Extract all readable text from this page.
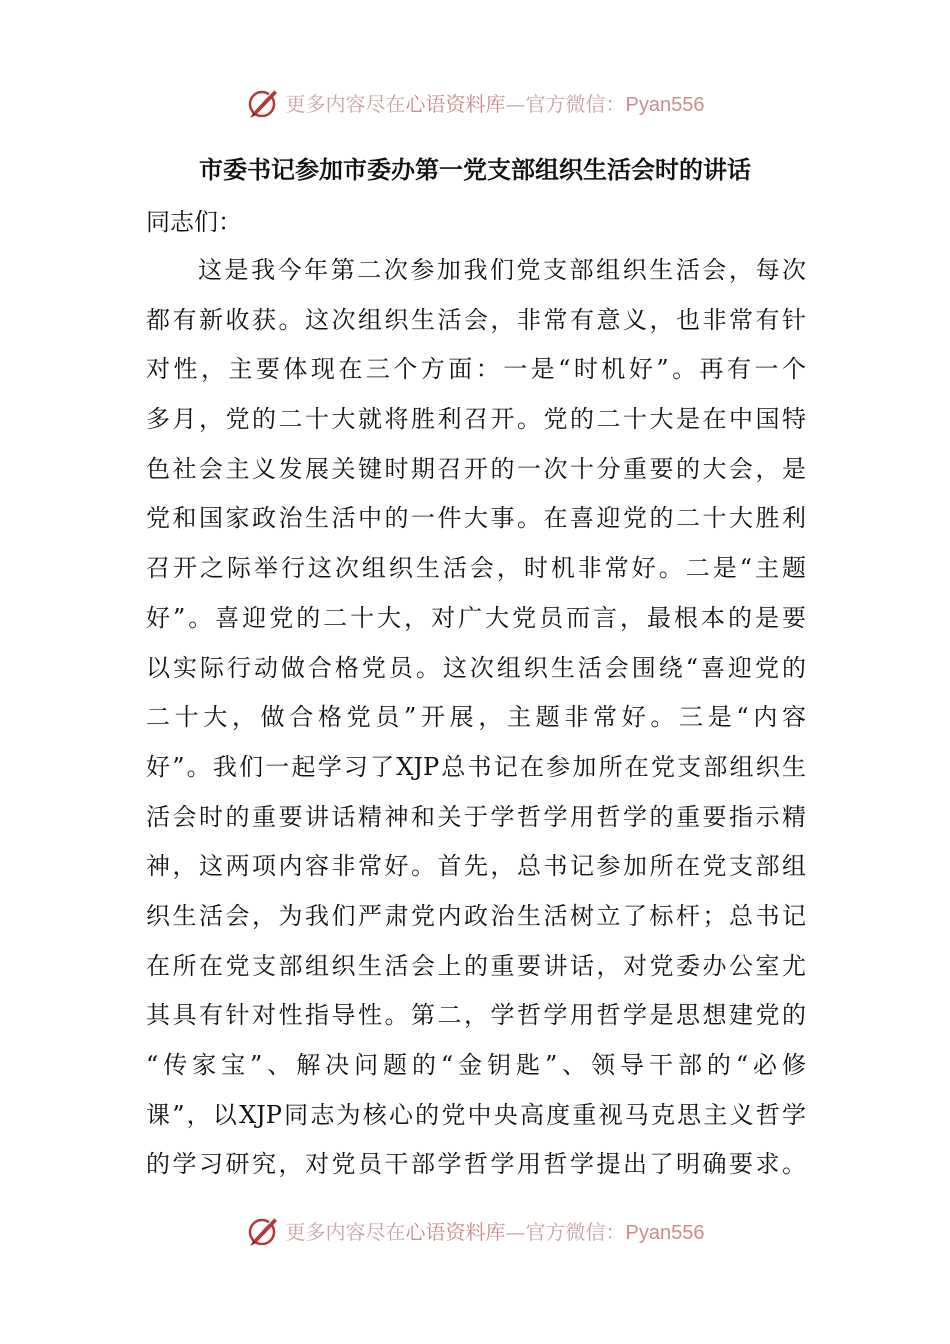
更多内容尽在心语资料库—官方微信：Pyan556
市委书记参加市委办第一党支部组织生活会时的讲话
同志们：
这是我今年第二次参加我们党支部组织生活会，每次
都有新收获。这次组织生活会，非常有意义，也非常有针
对性，主要体现在三个方面：一是“时机好”。再有一个
多月，党的二十大就将胜利召开。党的二十大是在中国特
色社会主义发展关键时期召开的一次十分重要的大会，是
党和国家政治生活中的一件大事。在喜迎党的二十大胜利
召开之际举行这次组织生活会，时机非常好。二是“主题
好”。喜迎党的二十大，对广大党员而言，最根本的是要
以实际行动做合格党员。这次组织生活会围绕“喜迎党的
二十大，做合格党员”开展，主题非常好。三是“内容
好”。我们一起学习了XJP总书记在参加所在党支部组织生
活会时的重要讲话精神和关于学哲学用哲学的重要指示精
神，这两项内容非常好。首先，总书记参加所在党支部组
织生活会，为我们严肃党内政治生活树立了标杆；总书记
在所在党支部组织生活会上的重要讲话，对党委办公室尤
其具有针对性指导性。第二，学哲学用哲学是思想建党的
“传家宝”、解决问题的“金钥匙”、领导干部的“必修
课”，以XJP同志为核心的党中央高度重视马克思主义哲学
的学习研究，对党员干部学哲学用哲学提出了明确要求。
更多内容尽在心语资料库—官方微信：Pyan556
